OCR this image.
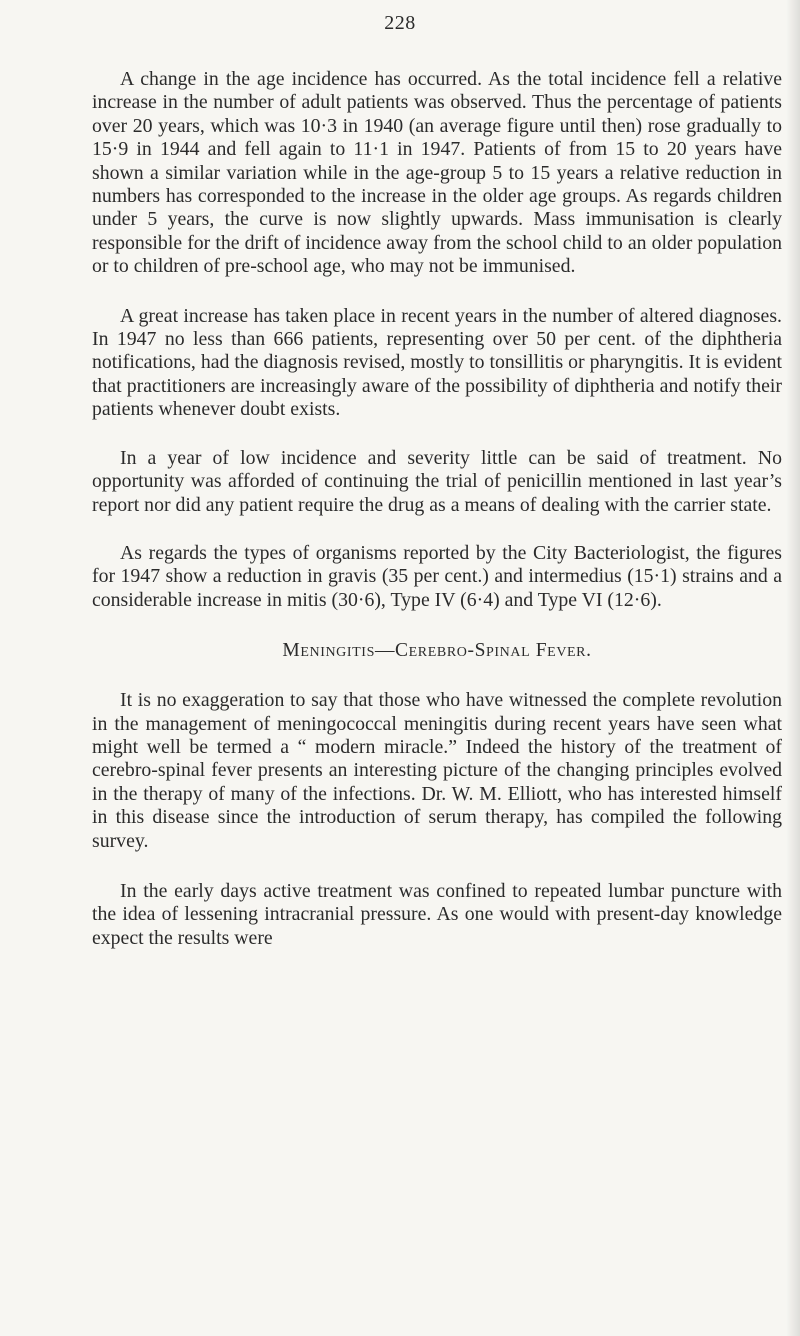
228

A change in the age incidence has occurred. As the total incidence fell a relative increase in the number of adult patients was observed. Thus the percentage of patients over 20 years, which was 10·3 in 1940 (an average figure until then) rose gradually to 15·9 in 1944 and fell again to 11·1 in 1947. Patients of from 15 to 20 years have shown a similar variation while in the age-group 5 to 15 years a relative reduction in numbers has corresponded to the increase in the older age groups. As regards children under 5 years, the curve is now slightly upwards. Mass immunisation is clearly responsible for the drift of incidence away from the school child to an older population or to children of pre-school age, who may not be immunised.

A great increase has taken place in recent years in the number of altered diagnoses. In 1947 no less than 666 patients, representing over 50 per cent. of the diphtheria notifications, had the diagnosis revised, mostly to tonsillitis or pharyngitis. It is evident that practitioners are increasingly aware of the possibility of diphtheria and notify their patients whenever doubt exists.

In a year of low incidence and severity little can be said of treatment. No opportunity was afforded of continuing the trial of penicillin mentioned in last year’s report nor did any patient require the drug as a means of dealing with the carrier state.

As regards the types of organisms reported by the City Bacteriologist, the figures for 1947 show a reduction in gravis (35 per cent.) and intermedius (15·1) strains and a considerable increase in mitis (30·6), Type IV (6·4) and Type VI (12·6).

Meningitis—Cerebro-Spinal Fever.

It is no exaggeration to say that those who have witnessed the complete revolution in the management of meningococcal meningitis during recent years have seen what might well be termed a “ modern miracle.” Indeed the history of the treatment of cerebro-spinal fever presents an interesting picture of the changing principles evolved in the therapy of many of the infections. Dr. W. M. Elliott, who has interested himself in this disease since the introduction of serum therapy, has compiled the following survey.

In the early days active treatment was confined to repeated lumbar puncture with the idea of lessening intracranial pressure. As one would with present-day knowledge expect the results were
